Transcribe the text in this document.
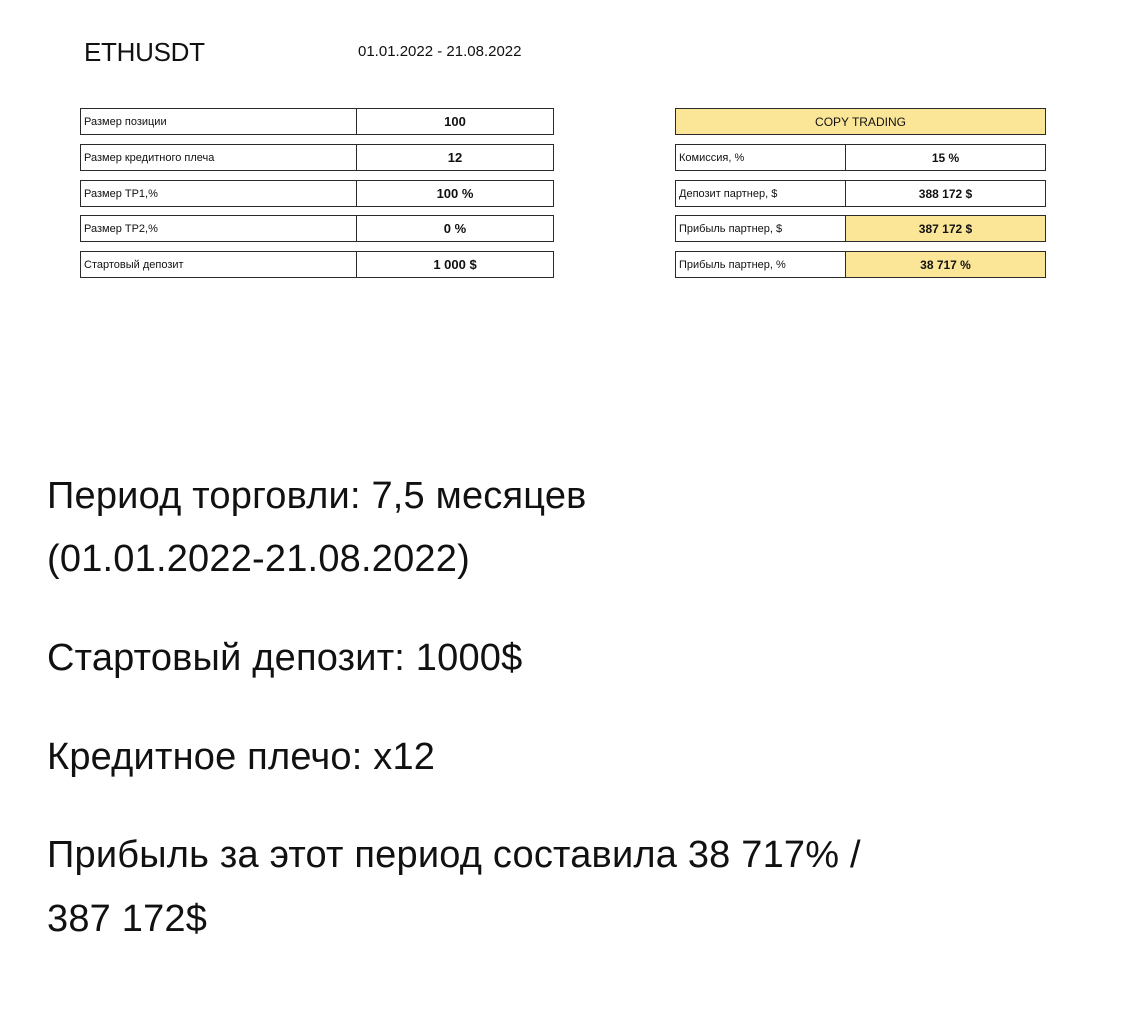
ETHUSDT	01.01.2022 - 21.08.2022
Размер позиции	100
Размер кредитного плеча	12
Размер TP1,%	100 %
Размер TP2,%	0 %
Стартовый депозит	1 000 $
COPY TRADING
Комиссия, %	15 %
Депозит партнер, $	388 172 $
Прибыль партнер, $	387 172 $
Прибыль партнер, %	38 717 %
Период торговли: 7,5 месяцев
(01.01.2022-21.08.2022)
Стартовый депозит: 1000$
Кредитное плечо: х12
Прибыль за этот период составила 38 717% /
387 172$
